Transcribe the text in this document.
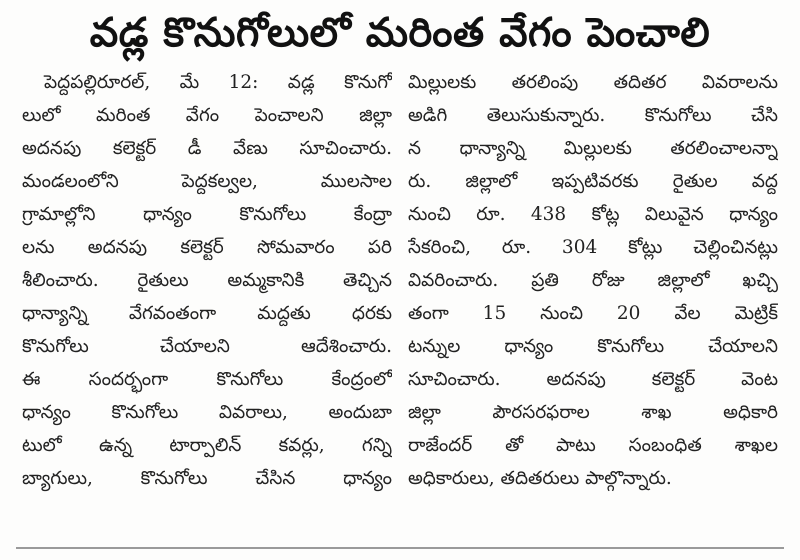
వడ్ల కొనుగోలులో మరింత వేగం పెంచాలి
పెద్దపల్లిరూరల్, మే 12: వడ్ల కొనుగో
లులో మరింత వేగం పెంచాలని జిల్లా
అదనపు కలెక్టర్ డీ వేణు సూచించారు.
మండలంలోని పెద్దకల్వల, ములసాల
గ్రామాల్లోని ధాన్యం కొనుగోలు కేంద్రా
లను అదనపు కలెక్టర్ సోమవారం పరి
శీలించారు. రైతులు అమ్మకానికి తెచ్చిన
ధాన్యాన్ని వేగవంతంగా మద్దతు ధరకు
కొనుగోలు చేయాలని ఆదేశించారు.
ఈ సందర్భంగా కొనుగోలు కేంద్రంలో
ధాన్యం కొనుగోలు వివరాలు, అందుబా
టులో ఉన్న టార్పాలిన్ కవర్లు, గన్ని
బ్యాగులు, కొనుగోలు చేసిన ధాన్యం
మిల్లులకు తరలింపు తదితర వివరాలను
అడిగి తెలుసుకున్నారు. కొనుగోలు చేసి
న ధాన్యాన్ని మిల్లులకు తరలించాలన్నా
రు. జిల్లాలో ఇప్పటివరకు రైతుల వద్ద
నుంచి రూ. 438 కోట్ల విలువైన ధాన్యం
సేకరించి, రూ. 304 కోట్లు చెల్లించినట్లు
వివరించారు. ప్రతి రోజు జిల్లాలో ఖచ్చి
తంగా 15 నుంచి 20 వేల మెట్రిక్
టన్నుల ధాన్యం కొనుగోలు చేయాలని
సూచించారు. అదనపు కలెక్టర్ వెంట
జిల్లా పౌరసరఫరాల శాఖ అధికారి
రాజేందర్ తో పాటు సంబంధిత శాఖల
అధికారులు, తదితరులు పాల్గొన్నారు.
